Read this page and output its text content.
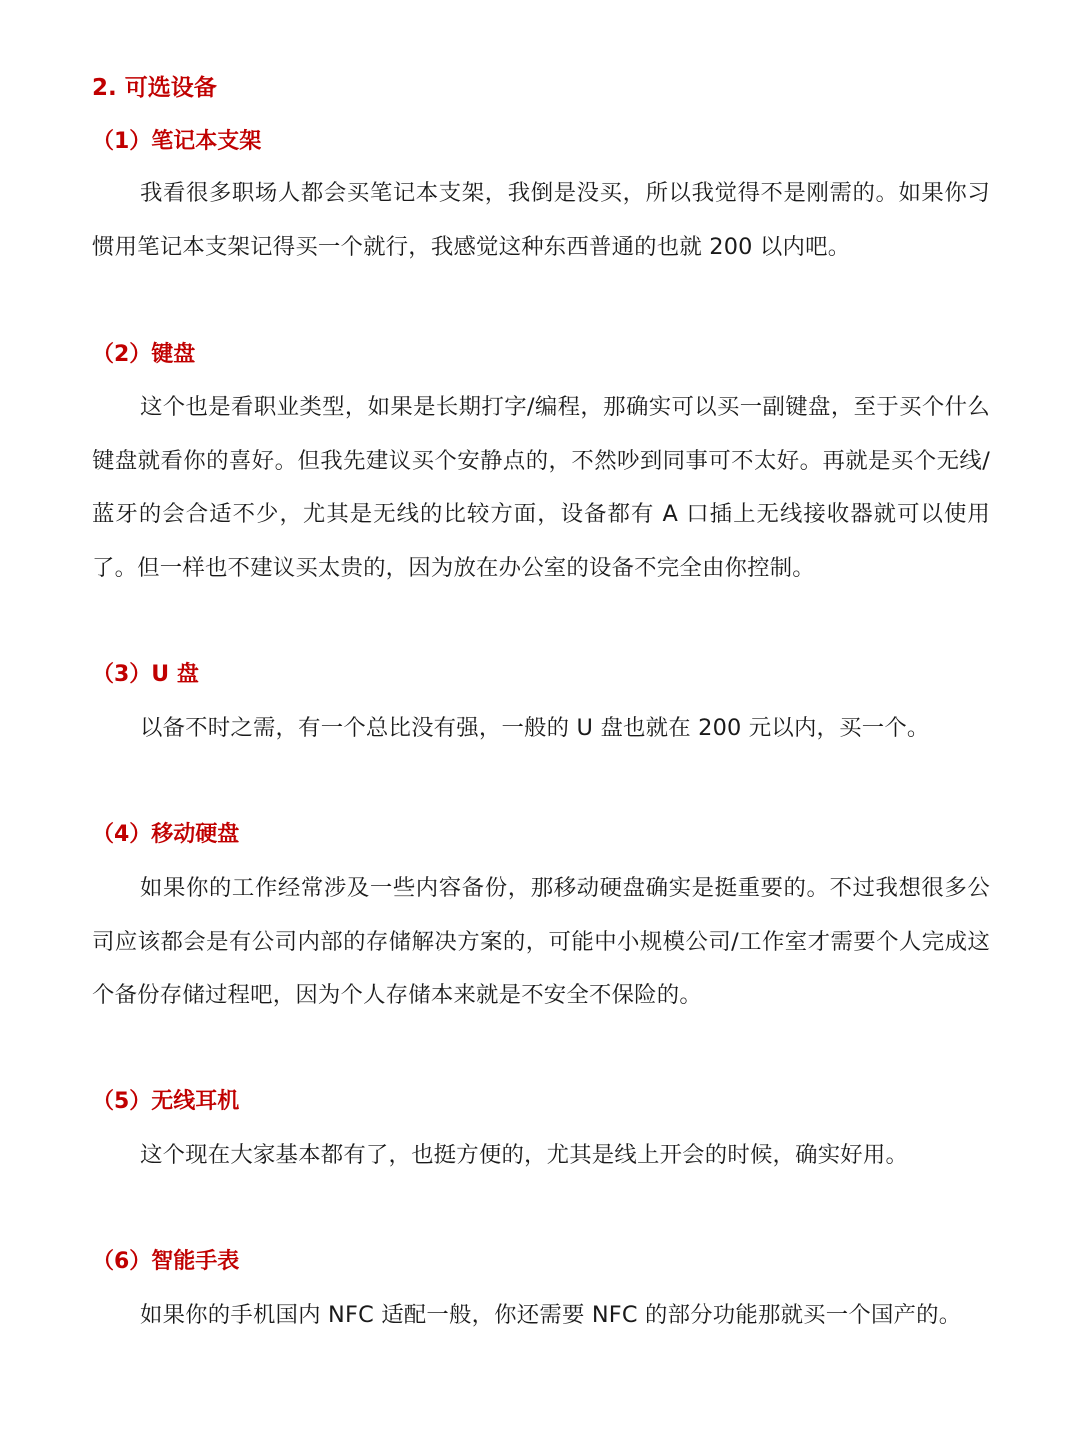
2. 可选设备
（1）笔记本支架

我看很多职场人都会买笔记本支架，我倒是没买，所以我觉得不是刚需的。如果你习惯用笔记本支架记得买一个就行，我感觉这种东西普通的也就 200 以内吧。

（2）键盘

这个也是看职业类型，如果是长期打字/编程，那确实可以买一副键盘，至于买个什么键盘就看你的喜好。但我先建议买个安静点的，不然吵到同事可不太好。再就是买个无线/蓝牙的会合适不少，尤其是无线的比较方面，设备都有 A 口插上无线接收器就可以使用了。但一样也不建议买太贵的，因为放在办公室的设备不完全由你控制。

（3）U 盘

以备不时之需，有一个总比没有强，一般的 U 盘也就在 200 元以内，买一个。

（4）移动硬盘

如果你的工作经常涉及一些内容备份，那移动硬盘确实是挺重要的。不过我想很多公司应该都会是有公司内部的存储解决方案的，可能中小规模公司/工作室才需要个人完成这个备份存储过程吧，因为个人存储本来就是不安全不保险的。

（5）无线耳机

这个现在大家基本都有了，也挺方便的，尤其是线上开会的时候，确实好用。

（6）智能手表

如果你的手机国内 NFC 适配一般，你还需要 NFC 的部分功能那就买一个国产的。
